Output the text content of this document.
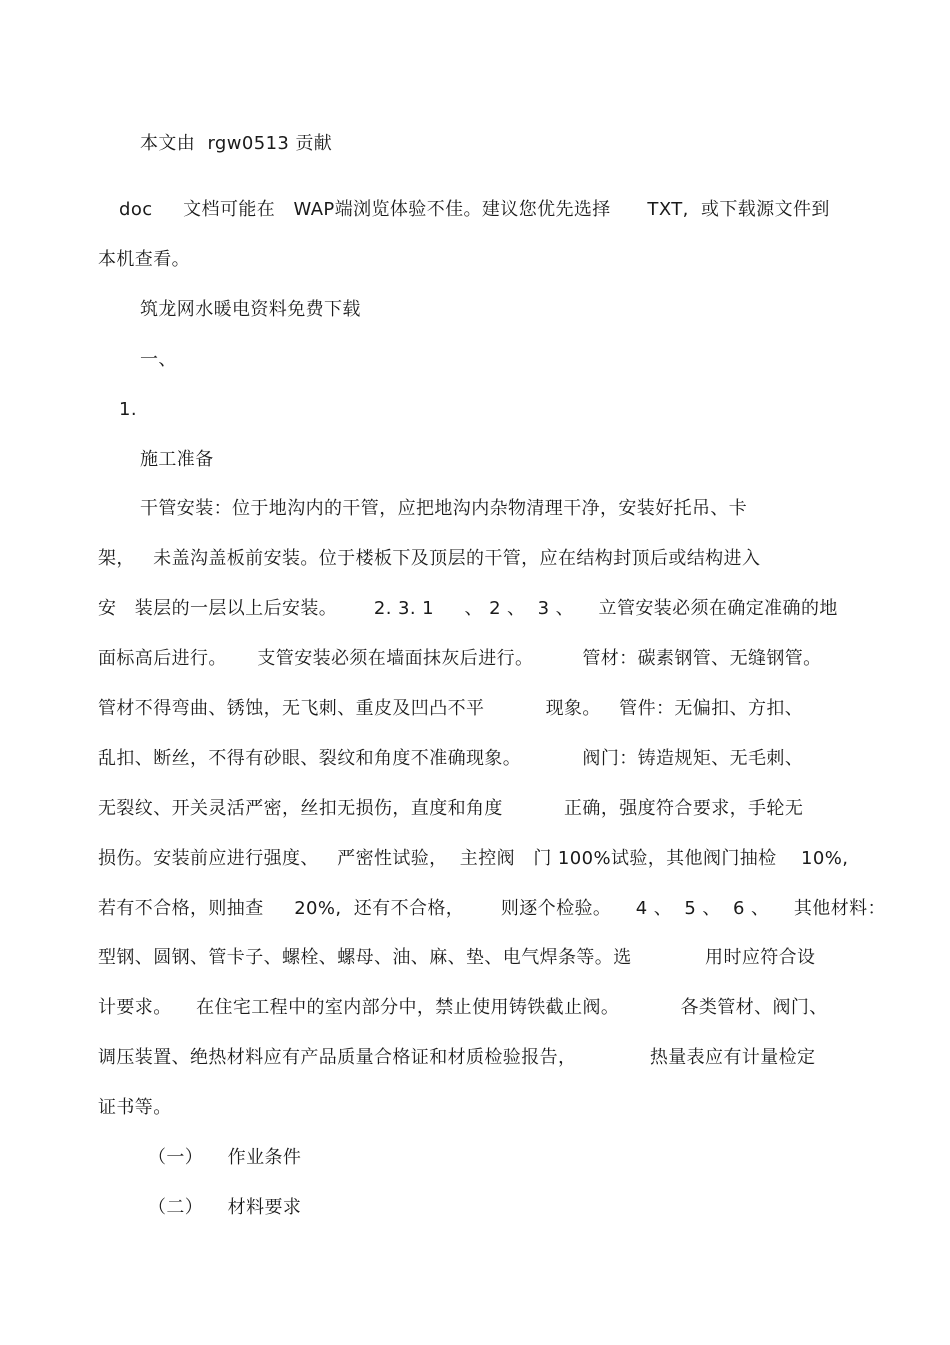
本文由  rgw0513 贡献
doc     文档可能在   WAP端浏览体验不佳。建议您优先选择      TXT,  或下载源文件到
本机查看。
筑龙网水暖电资料免费下载
一、
1.
施工准备
干管安装：位于地沟内的干管，应把地沟内杂物清理干净，安装好托吊、卡
架，   未盖沟盖板前安装。位于楼板下及顶层的干管，应在结构封顶后或结构进入
安   装层的一层以上后安装。      2. 3. 1     、 2 、  3 、    立管安装必须在确定准确的地
面标高后进行。     支管安装必须在墙面抹灰后进行。        管材：碳素钢管、无缝钢管。
管材不得弯曲、锈蚀，无飞刺、重皮及凹凸不平          现象。   管件：无偏扣、方扣、
乱扣、断丝，不得有砂眼、裂纹和角度不准确现象。          阀门：铸造规矩、无毛刺、
无裂纹、开关灵活严密，丝扣无损伤，直度和角度          正确，强度符合要求，手轮无
损伤。安装前应进行强度、   严密性试验，  主控阀   门 100%试验，其他阀门抽检    10%,
若有不合格，则抽查     20%,  还有不合格，      则逐个检验。    4 、  5 、  6 、    其他材料：
型钢、圆钢、管卡子、螺栓、螺母、油、麻、垫、电气焊条等。选            用时应符合设
计要求。    在住宅工程中的室内部分中，禁止使用铸铁截止阀。          各类管材、阀门、
调压装置、绝热材料应有产品质量合格证和材质检验报告，            热量表应有计量检定
证书等。
（一）    作业条件
（二）    材料要求
